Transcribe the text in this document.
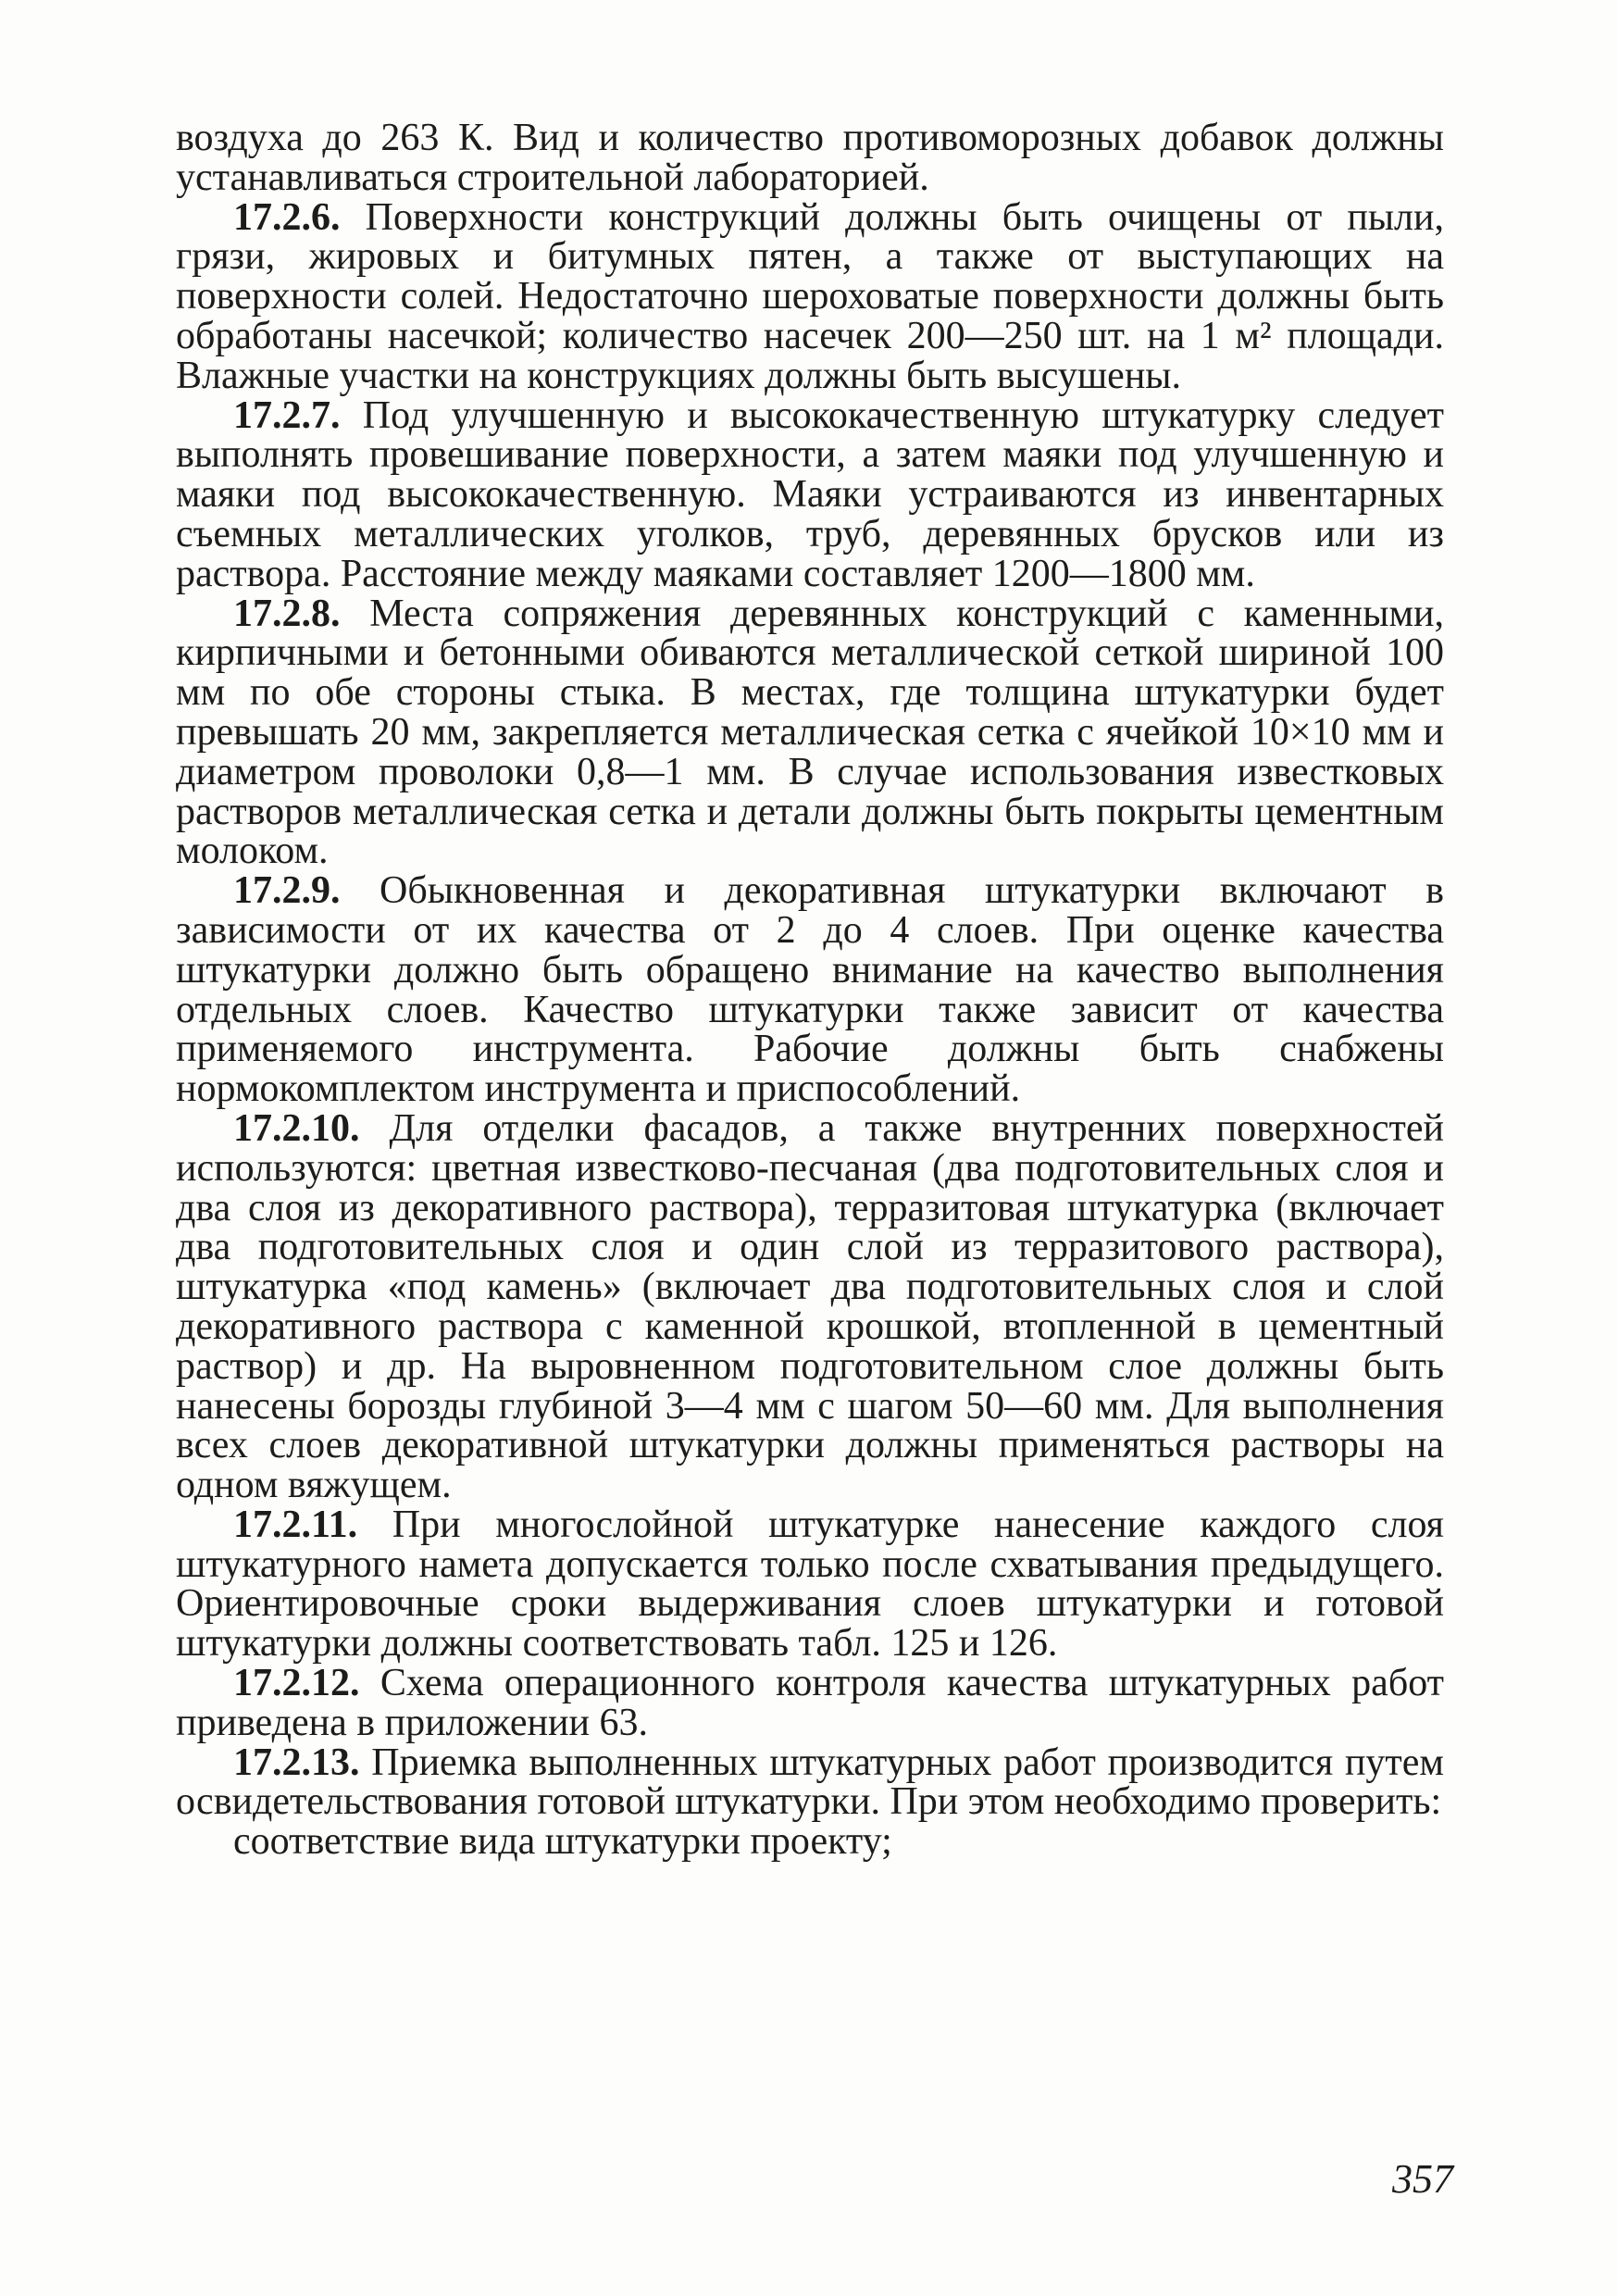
воздуха до 263 К. Вид и количество противоморозных добавок должны устанавливаться строительной лабораторией.

17.2.6. Поверхности конструкций должны быть очищены от пыли, грязи, жировых и битумных пятен, а также от выступающих на поверхности солей. Недостаточно шероховатые поверхности должны быть обработаны насечкой; количество насечек 200—250 шт. на 1 м² площади. Влажные участки на конструкциях должны быть высушены.

17.2.7. Под улучшенную и высококачественную штукатурку следует выполнять провешивание поверхности, а затем маяки под улучшенную и маяки под высококачественную. Маяки устраиваются из инвентарных съемных металлических уголков, труб, деревянных брусков или из раствора. Расстояние между маяками составляет 1200—1800 мм.

17.2.8. Места сопряжения деревянных конструкций с каменными, кирпичными и бетонными обиваются металлической сеткой шириной 100 мм по обе стороны стыка. В местах, где толщина штукатурки будет превышать 20 мм, закрепляется металлическая сетка с ячейкой 10×10 мм и диаметром проволоки 0,8—1 мм. В случае использования известковых растворов металлическая сетка и детали должны быть покрыты цементным молоком.

17.2.9. Обыкновенная и декоративная штукатурки включают в зависимости от их качества от 2 до 4 слоев. При оценке качества штукатурки должно быть обращено внимание на качество выполнения отдельных слоев. Качество штукатурки также зависит от качества применяемого инструмента. Рабочие должны быть снабжены нормокомплектом инструмента и приспособлений.

17.2.10. Для отделки фасадов, а также внутренних поверхностей используются: цветная известково-песчаная (два подготовительных слоя и два слоя из декоративного раствора), терразитовая штукатурка (включает два подготовительных слоя и один слой из терразитового раствора), штукатурка «под камень» (включает два подготовительных слоя и слой декоративного раствора с каменной крошкой, втопленной в цементный раствор) и др. На выровненном подготовительном слое должны быть нанесены борозды глубиной 3—4 мм с шагом 50—60 мм. Для выполнения всех слоев декоративной штукатурки должны применяться растворы на одном вяжущем.

17.2.11. При многослойной штукатурке нанесение каждого слоя штукатурного намета допускается только после схватывания предыдущего. Ориентировочные сроки выдерживания слоев штукатурки и готовой штукатурки должны соответствовать табл. 125 и 126.

17.2.12. Схема операционного контроля качества штукатурных работ приведена в приложении 63.

17.2.13. Приемка выполненных штукатурных работ производится путем освидетельствования готовой штукатурки. При этом необходимо проверить:

соответствие вида штукатурки проекту;

357
